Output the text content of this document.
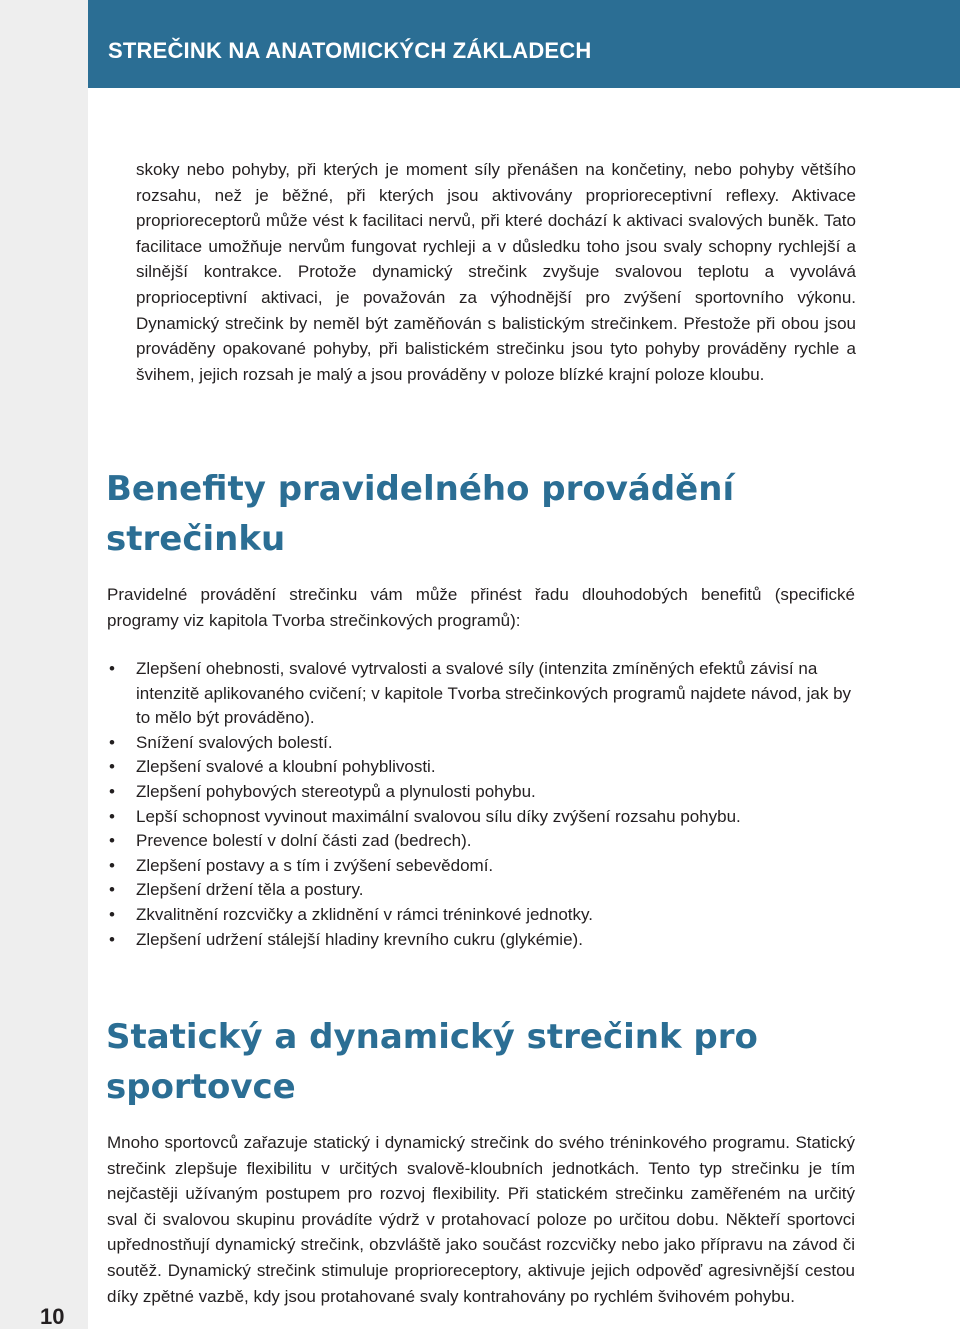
STREČINK NA ANATOMICKÝCH ZÁKLADECH

skoky nebo pohyby, při kterých je moment síly přenášen na končetiny, nebo pohyby většího rozsahu, než je běžné, při kterých jsou aktivovány proprioreceptivní reflexy. Aktivace proprioreceptorů může vést k facilitaci nervů, při které dochází k aktivaci svalových buněk. Tato facilitace umožňuje nervům fungovat rychleji a v důsledku toho jsou svaly schopny rychlejší a silnější kontrakce. Protože dynamický strečink zvyšuje svalovou teplotu a vyvolává proprioceptivní aktivaci, je považován za výhodnější pro zvýšení sportovního výkonu. Dynamický strečink by neměl být zaměňován s balistickým strečinkem. Přestože při obou jsou prováděny opakované pohyby, při balistickém strečinku jsou tyto pohyby prováděny rychle a švihem, jejich rozsah je malý a jsou prováděny v poloze blízké krajní poloze kloubu.

Benefity pravidelného provádění strečinku

Pravidelné provádění strečinku vám může přinést řadu dlouhodobých benefitů (specifické programy viz kapitola Tvorba strečinkových programů):

• Zlepšení ohebnosti, svalové vytrvalosti a svalové síly (intenzita zmíněných efektů závisí na intenzitě aplikovaného cvičení; v kapitole Tvorba strečinkových programů najdete návod, jak by to mělo být prováděno).
• Snížení svalových bolestí.
• Zlepšení svalové a kloubní pohyblivosti.
• Zlepšení pohybových stereotypů a plynulosti pohybu.
• Lepší schopnost vyvinout maximální svalovou sílu díky zvýšení rozsahu pohybu.
• Prevence bolestí v dolní části zad (bedrech).
• Zlepšení postavy a s tím i zvýšení sebevědomí.
• Zlepšení držení těla a postury.
• Zkvalitnění rozcvičky a zklidnění v rámci tréninkové jednotky.
• Zlepšení udržení stálejší hladiny krevního cukru (glykémie).
Statický a dynamický strečink pro sportovce

Mnoho sportovců zařazuje statický i dynamický strečink do svého tréninkového programu. Statický strečink zlepšuje flexibilitu v určitých svalově-kloubních jednotkách. Tento typ strečinku je tím nejčastěji užívaným postupem pro rozvoj flexibility. Při statickém strečinku zaměřeném na určitý sval či svalovou skupinu provádíte výdrž v protahovací poloze po určitou dobu. Někteří sportovci upřednostňují dynamický strečink, obzvláště jako součást rozcvičky nebo jako přípravu na závod či soutěž. Dynamický strečink stimuluje proprioreceptory, aktivuje jejich odpověď agresivnější cestou díky zpětné vazbě, kdy jsou protahované svaly kontrahovány po rychlém švihovém pohybu.

10
